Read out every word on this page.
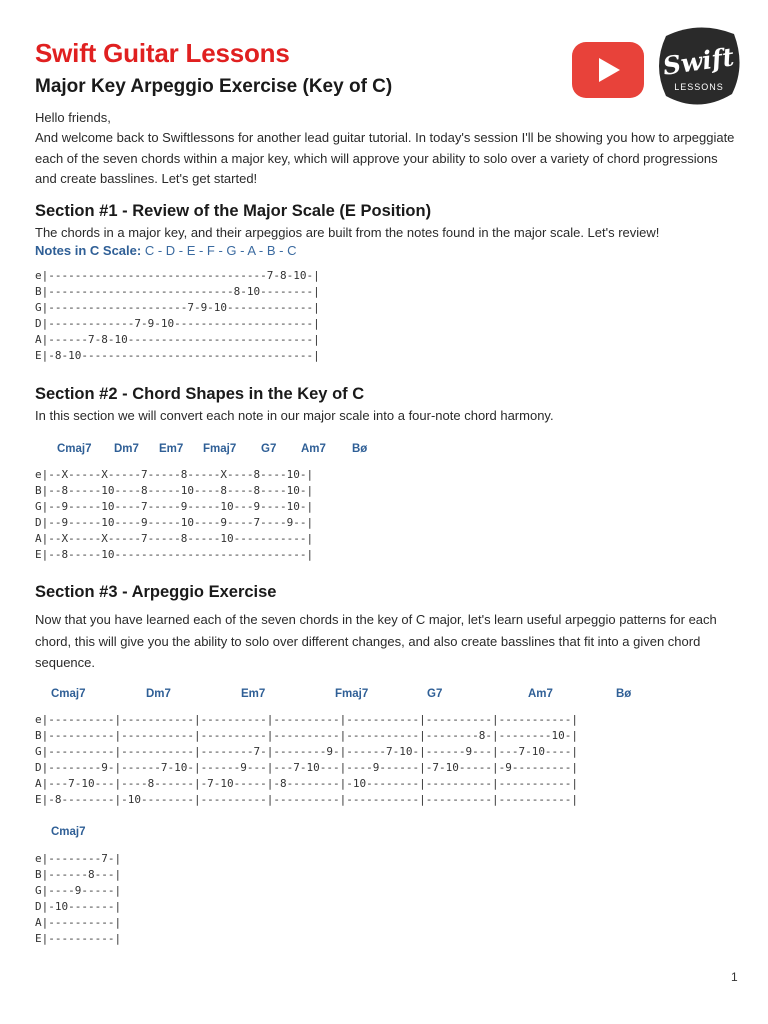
Swift Guitar Lessons
Major Key Arpeggio Exercise (Key of C)
Swift
LESSONS

Hello friends,

And welcome back to Swiftlessons for another lead guitar tutorial. In today's session I'll be showing you how to arpeggiate each of the seven chords within a major key, which will approve your ability to solo over a variety of chord progressions and create basslines. Let's get started!

Section #1 - Review of the Major Scale (E Position)

The chords in a major key, and their arpeggios are built from the notes found in the major scale. Let's review!

Notes in C Scale: C - D - E - F - G - A - B - C
e|---------------------------------7-8-10-|
B|----------------------------8-10--------|
G|---------------------7-9-10-------------|
D|-------------7-9-10---------------------|
A|------7-8-10----------------------------|
E|-8-10-----------------------------------|
Section #2 - Chord Shapes in the Key of C

In this section we will convert each note in our major scale into a four-note chord harmony.

Cmaj7 Dm7 Em7 Fmaj7 G7 Am7 Bø
e|--X-----X-----7-----8-----X----8----10-|
B|--8-----10----8-----10----8----8----10-|
G|--9-----10----7-----9-----10---9----10-|
D|--9-----10----9-----10----9----7----9--|
A|--X-----X-----7-----8-----10-----------|
E|--8-----10-----------------------------|
Section #3 - Arpeggio Exercise

Now that you have learned each of the seven chords in the key of C major, let's learn useful arpeggio patterns for each chord, this will give you the ability to solo over different changes, and also create basslines that fit into a given chord sequence.

Cmaj7	Dm7	Em7	Fmaj7	G7	Am7	Bø
e|----------|-----------|----------|----------|-----------|----------|-----------|
B|----------|-----------|----------|----------|-----------|--------8-|--------10-|
G|----------|-----------|--------7-|--------9-|------7-10-|------9---|---7-10----|
D|--------9-|------7-10-|------9---|---7-10---|----9------|-7-10-----|-9---------|
A|---7-10---|----8------|-7-10-----|-8--------|-10--------|----------|-----------|
E|-8--------|-10--------|----------|----------|-----------|----------|-----------|
Cmaj7
e|--------7-|
B|------8---|
G|----9-----|
D|-10-------|
A|----------|
E|----------|
1
